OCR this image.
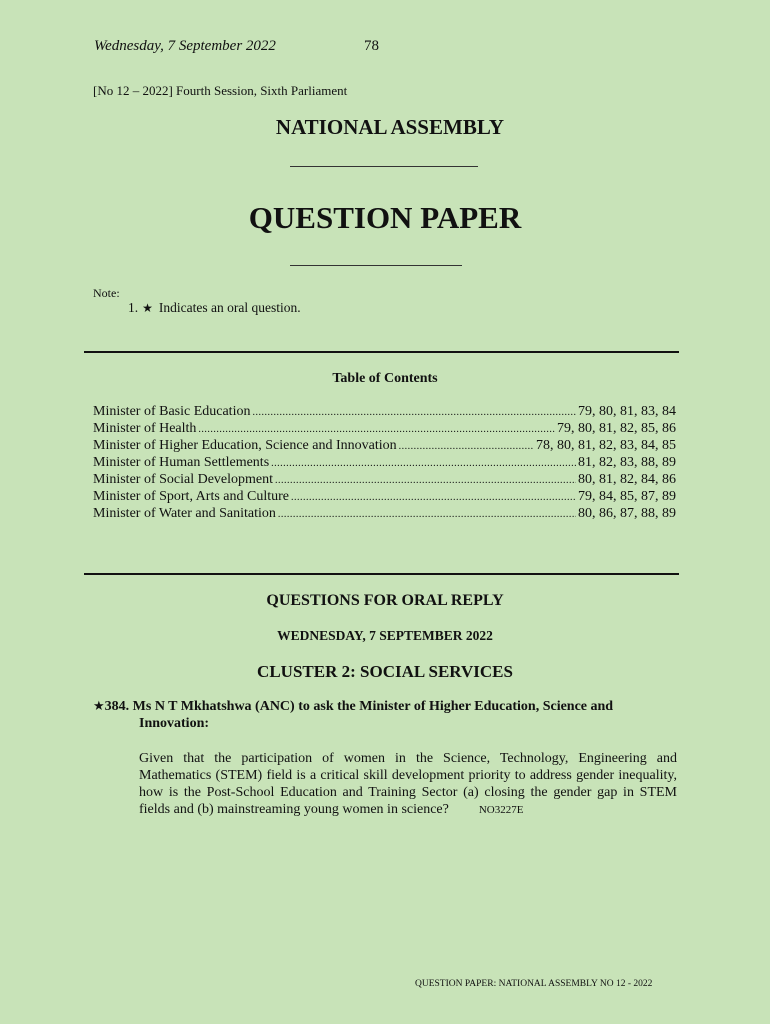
Wednesday, 7 September 2022	78
[No 12 – 2022] Fourth Session, Sixth Parliament
NATIONAL ASSEMBLY
QUESTION PAPER
Note:
1. ★ Indicates an oral question.
Table of Contents
Minister of Basic Education .....	79, 80, 81, 83, 84
Minister of Health .....	79, 80, 81, 82, 85, 86
Minister of Higher Education, Science and Innovation .....	78, 80, 81, 82, 83, 84, 85
Minister of Human Settlements .....	81, 82, 83, 88, 89
Minister of Social Development .....	80, 81, 82, 84, 86
Minister of Sport, Arts and Culture .....	79, 84, 85, 87, 89
Minister of Water and Sanitation .....	80, 86, 87, 88, 89
QUESTIONS FOR ORAL REPLY
WEDNESDAY, 7 SEPTEMBER 2022
CLUSTER 2: SOCIAL SERVICES
★384. Ms N T Mkhatshwa (ANC) to ask the Minister of Higher Education, Science and
Innovation:
Given that the participation of women in the Science, Technology, Engineering and Mathematics (STEM) field is a critical skill development priority to address gender inequality, how is the Post-School Education and Training Sector (a) closing the gender gap in STEM fields and (b) mainstreaming young women in science?	NO3227E
QUESTION PAPER: NATIONAL ASSEMBLY NO 12 - 2022
